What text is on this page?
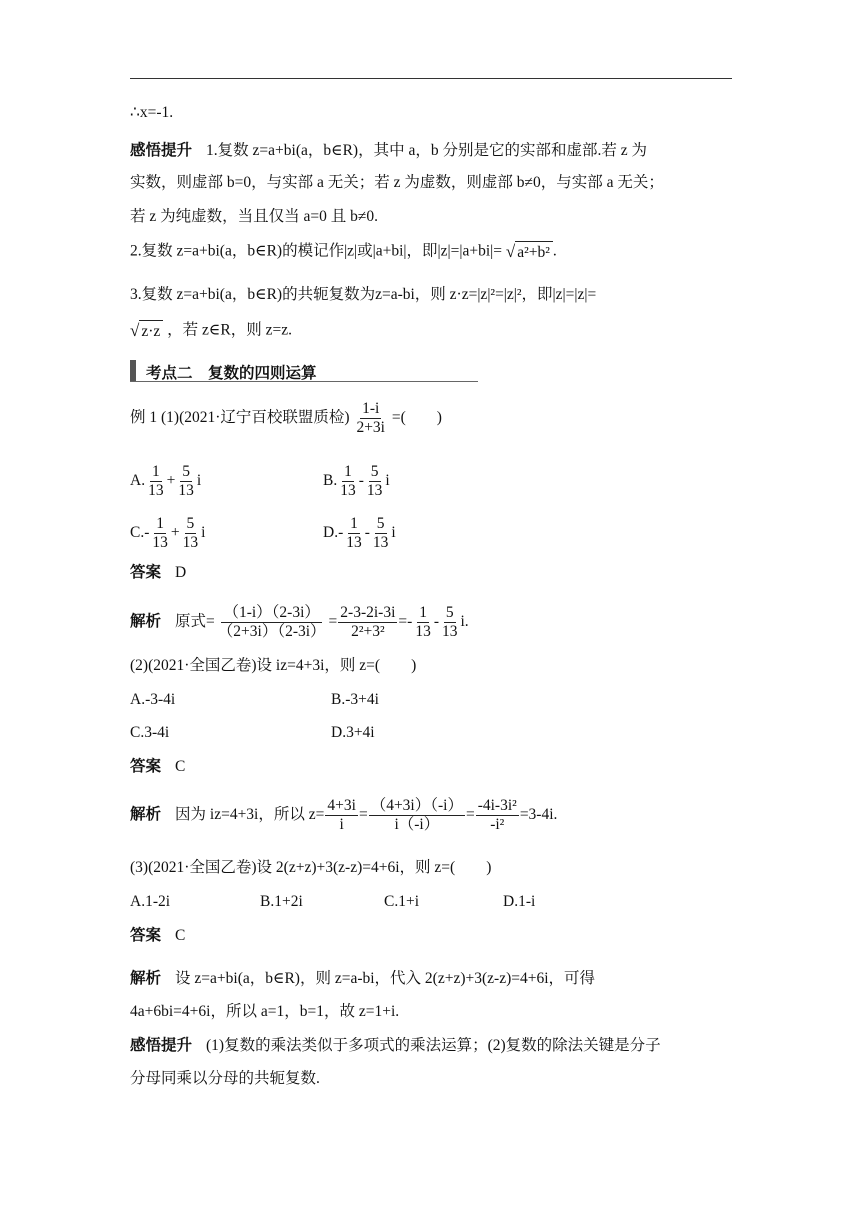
∴x=-1.
感悟提升 1.复数 z=a+bi(a，b∈R)，其中 a，b 分别是它的实部和虚部.若 z 为
实数，则虚部 b=0，与实部 a 无关；若 z 为虚数，则虚部 b≠0，与实部 a 无关；
若 z 为纯虚数，当且仅当 a=0 且 b≠0.
2.复数 z=a+bi(a，b∈R)的模记作|z|或|a+bi|，即|z|=|a+bi|= √ a²+b² .
3.复数 z=a+bi(a，b∈R)的共轭复数为z=a-bi，则 z·z=|z|²=|z|²，即|z|=|z|=
√ z·z ，若 z∈R，则 z=z.
考点二　复数的四则运算
例 1 (1)(2021·辽宁百校联盟质检) $\frac{1-i}{2+3i}$ =(　　)
A. $\frac{1}{13} + \frac{5}{13}$ i	B. $\frac{1}{13} - \frac{5}{13}$ i
$C.- \frac{1}{13} + \frac{5}{13}$ i	$D.- \frac{1}{13} - \frac{5}{13}$ i
答案 D
解析 原式= $\frac{(1-i)(2-3i)}{(2+3i)(2-3i)} = \frac{2-3-2i-3i}{\text{2²+3²}} =- \frac{1}{13} - \frac{5}{13} i$.
(2)(2021·全国乙卷)设 iz=4+3i，则 z=(　　)
A.-3-4i	B.-3+4i
C.3-4i	D.3+4i
答案 C
解析 因为 iz=4+3i，所以 $z= \frac{4+3i}{i} = \frac{(4+3i)(-i)}{i(-i)} = \frac{\text{-4i-3i²}}{\text{-i²}} =3-4i$.
(3)(2021·全国乙卷)设 2(z+z)+3(z-z)=4+6i，则 z=(　　)
A.1-2i	B.1+2i	C.1+i	D.1-i
答案 C
解析 设 z=a+bi(a，b∈R)，则 z=a-bi，代入 2(z+z)+3(z-z)=4+6i，可得
4a+6bi=4+6i，所以 a=1，b=1，故 z=1+i.
感悟提升 (1)复数的乘法类似于多项式的乘法运算；(2)复数的除法关键是分子
分母同乘以分母的共轭复数.
